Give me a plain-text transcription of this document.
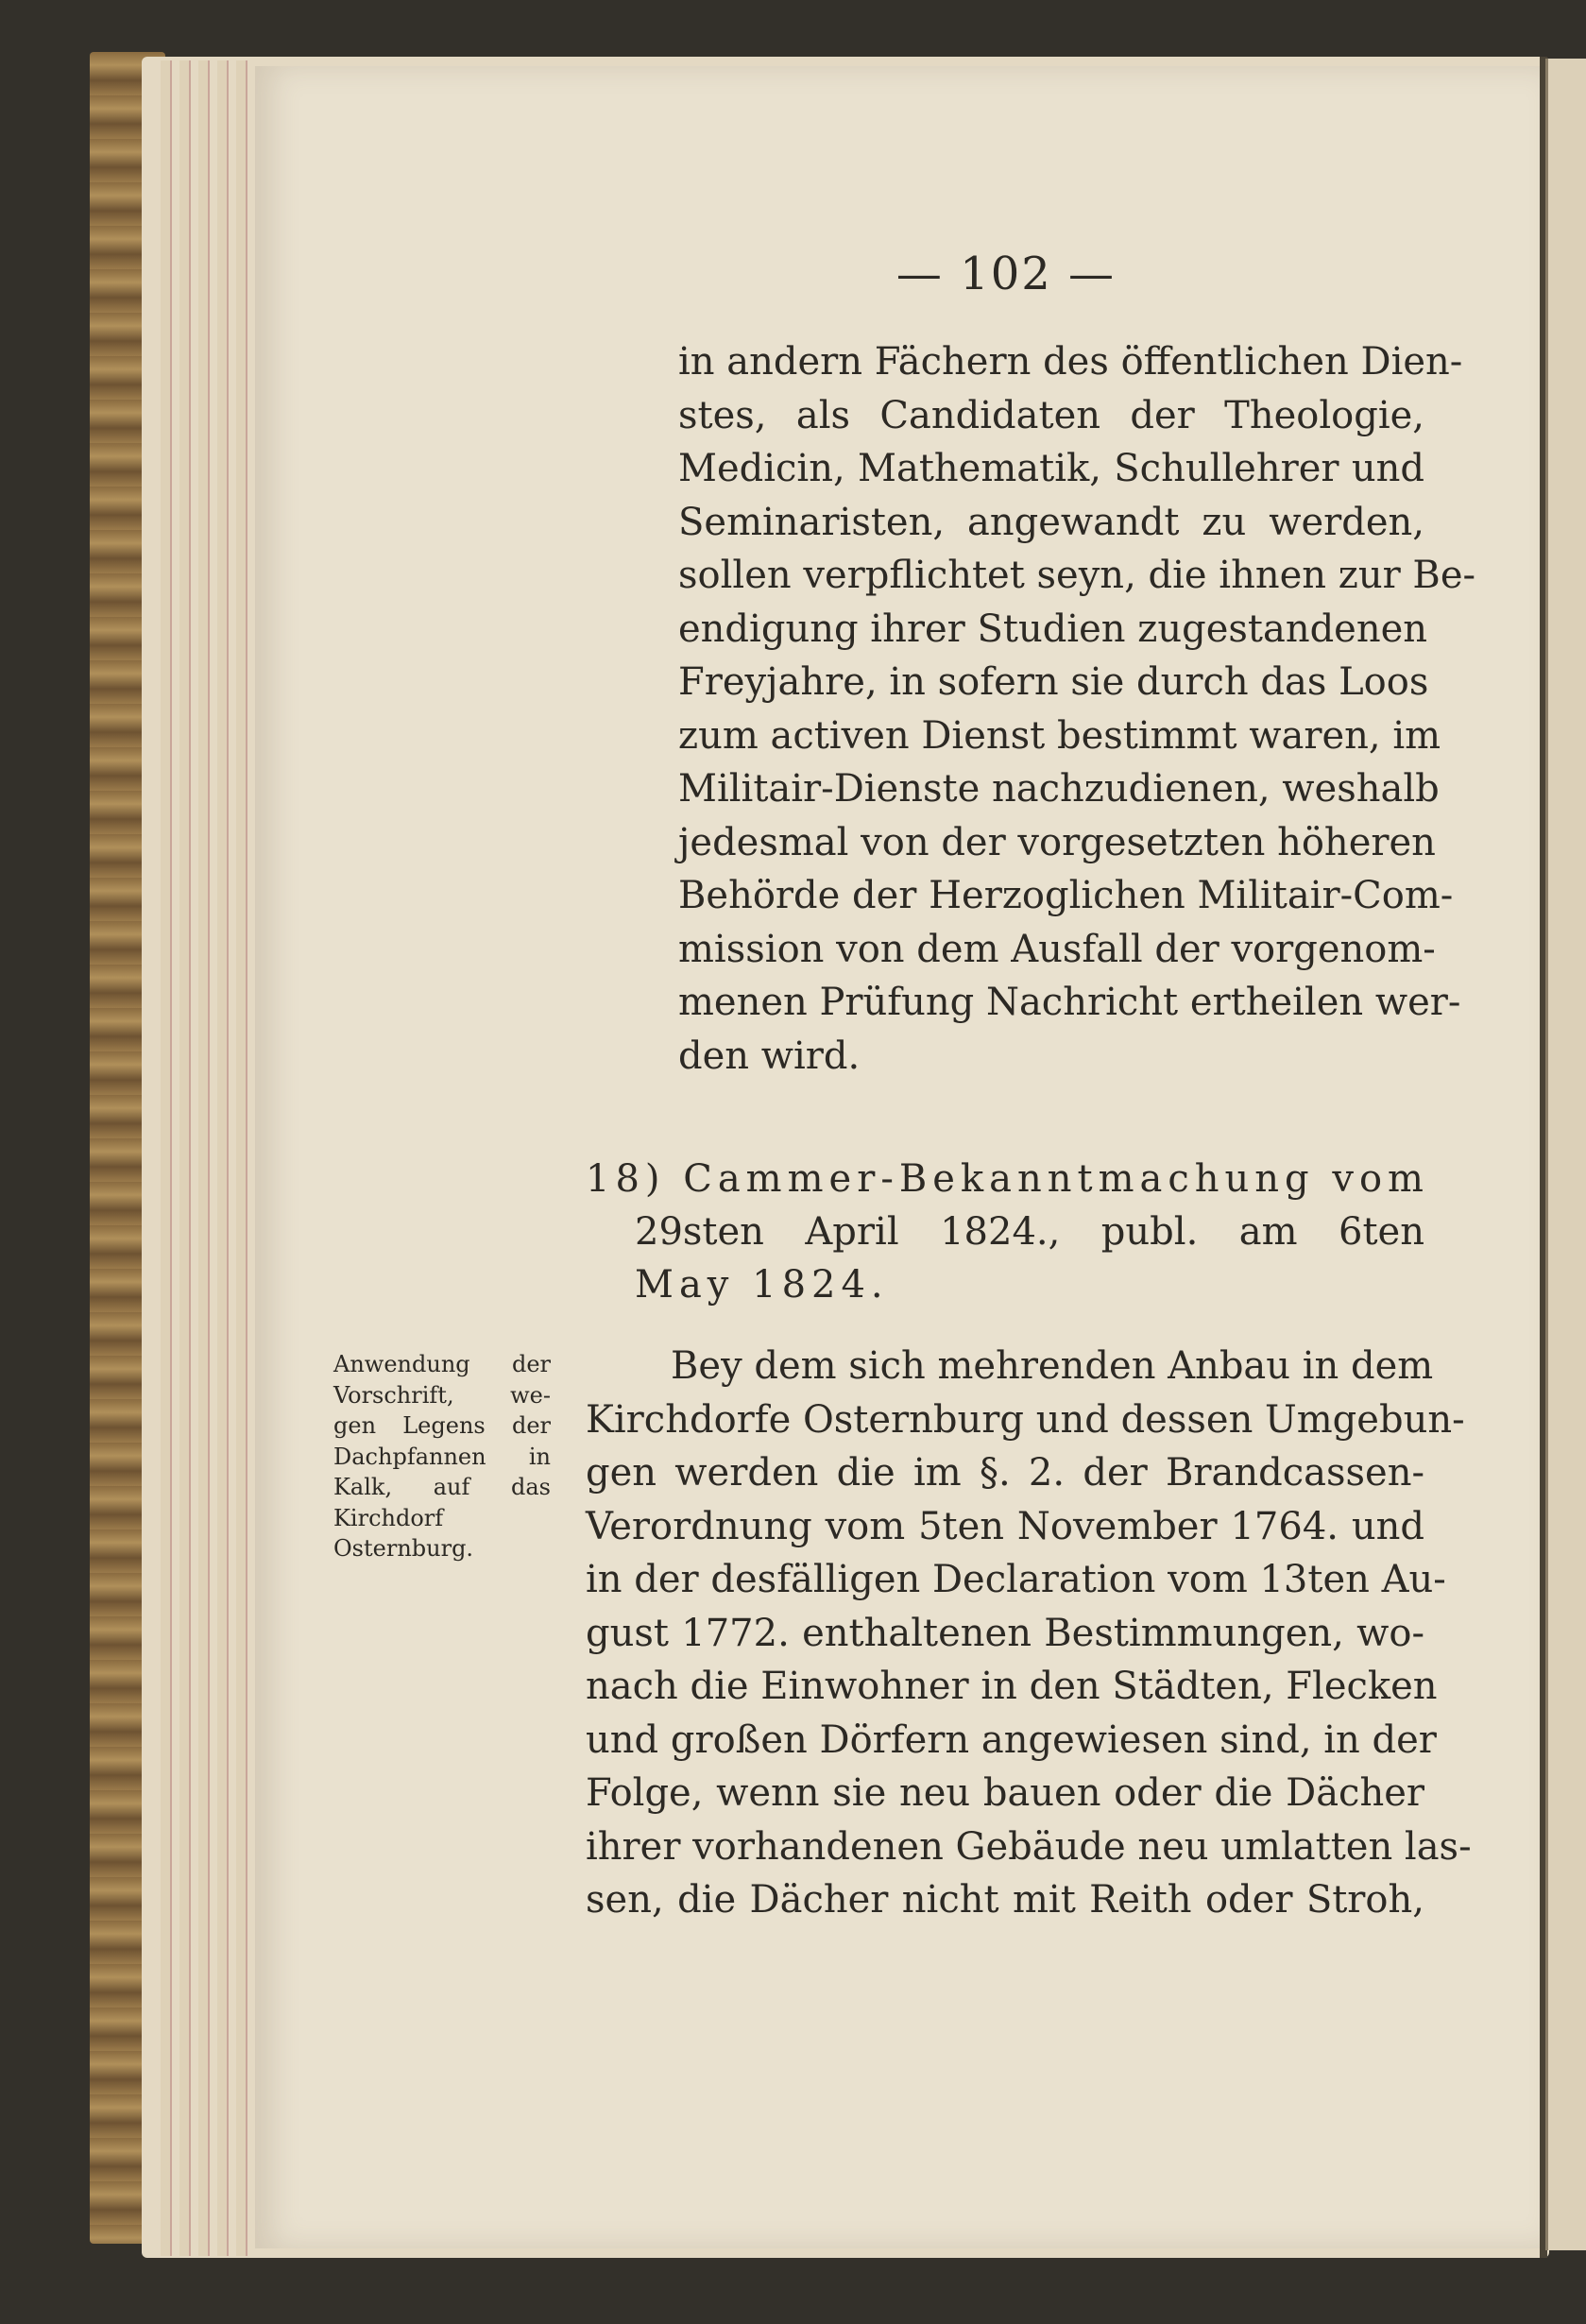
— 102 —
in andern Fächern des öffentlichen Dien-
stes, als Candidaten der Theologie,
Medicin, Mathematik, Schullehrer und
Seminaristen, angewandt zu werden,
sollen verpflichtet seyn, die ihnen zur Be-
endigung ihrer Studien zugestandenen
Freyjahre, in sofern sie durch das Loos
zum activen Dienst bestimmt waren, im
Militair-Dienste nachzudienen, weshalb
jedesmal von der vorgesetzten höheren
Behörde der Herzoglichen Militair-Com-
mission von dem Ausfall der vorgenom-
menen Prüfung Nachricht ertheilen wer-
den wird.
18) Cammer-Bekanntmachung vom
29sten April 1824., publ. am 6ten
May 1824.
Anwendung der
Vorschrift, we-
gen Legens der
Dachpfannen in
Kalk, auf das
Kirchdorf
Osternburg.
Bey dem sich mehrenden Anbau in dem
Kirchdorfe Osternburg und dessen Umgebun-
gen werden die im §. 2. der Brandcassen-
Verordnung vom 5ten November 1764. und
in der desfälligen Declaration vom 13ten Au-
gust 1772. enthaltenen Bestimmungen, wo-
nach die Einwohner in den Städten, Flecken
und großen Dörfern angewiesen sind, in der
Folge, wenn sie neu bauen oder die Dächer
ihrer vorhandenen Gebäude neu umlatten las-
sen, die Dächer nicht mit Reith oder Stroh,
